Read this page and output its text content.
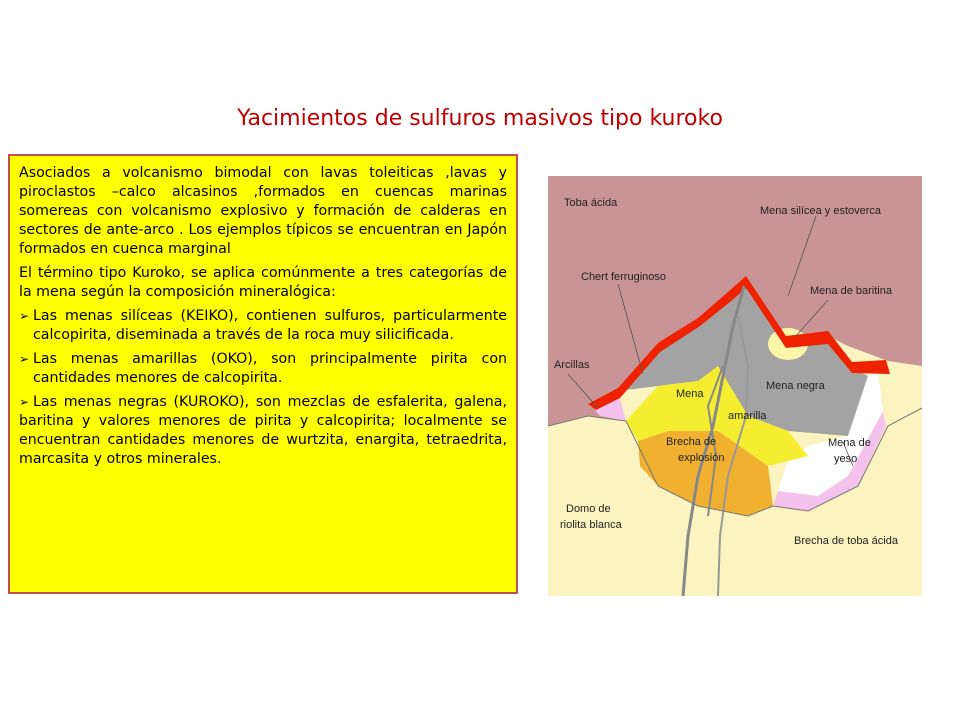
Yacimientos de sulfuros masivos tipo kuroko

Asociados a volcanismo bimodal con lavas toleiticas ,lavas y piroclastos –calco alcasinos ,formados en cuencas marinas somereas con volcanismo explosivo y formación de calderas en sectores de ante-arco . Los ejemplos típicos se encuentran en Japón formados en cuenca marginal

El término tipo Kuroko, se aplica comúnmente a tres categorías de la mena según la composición mineralógica:

➢ Las menas silíceas (KEIKO), contienen sulfuros, particularmente calcopirita, diseminada a través de la roca muy silicificada.
➢ Las menas amarillas (OKO), son principalmente pirita con cantidades menores de calcopirita.
➢ Las menas negras (KUROKO), son mezclas de esfalerita, galena, baritina y valores menores de pirita y calcopirita; localmente se encuentran cantidades menores de wurtzita, enargita, tetraedrita, marcasita y otros minerales.
Toba ácida
Mena silícea y estoverca
Chert ferruginoso
Mena de baritina
Arcillas
Mena
amarilla
Mena negra
Brecha de
explosión
Mena de
yeso
Domo de
riolita blanca
Brecha de toba ácida
